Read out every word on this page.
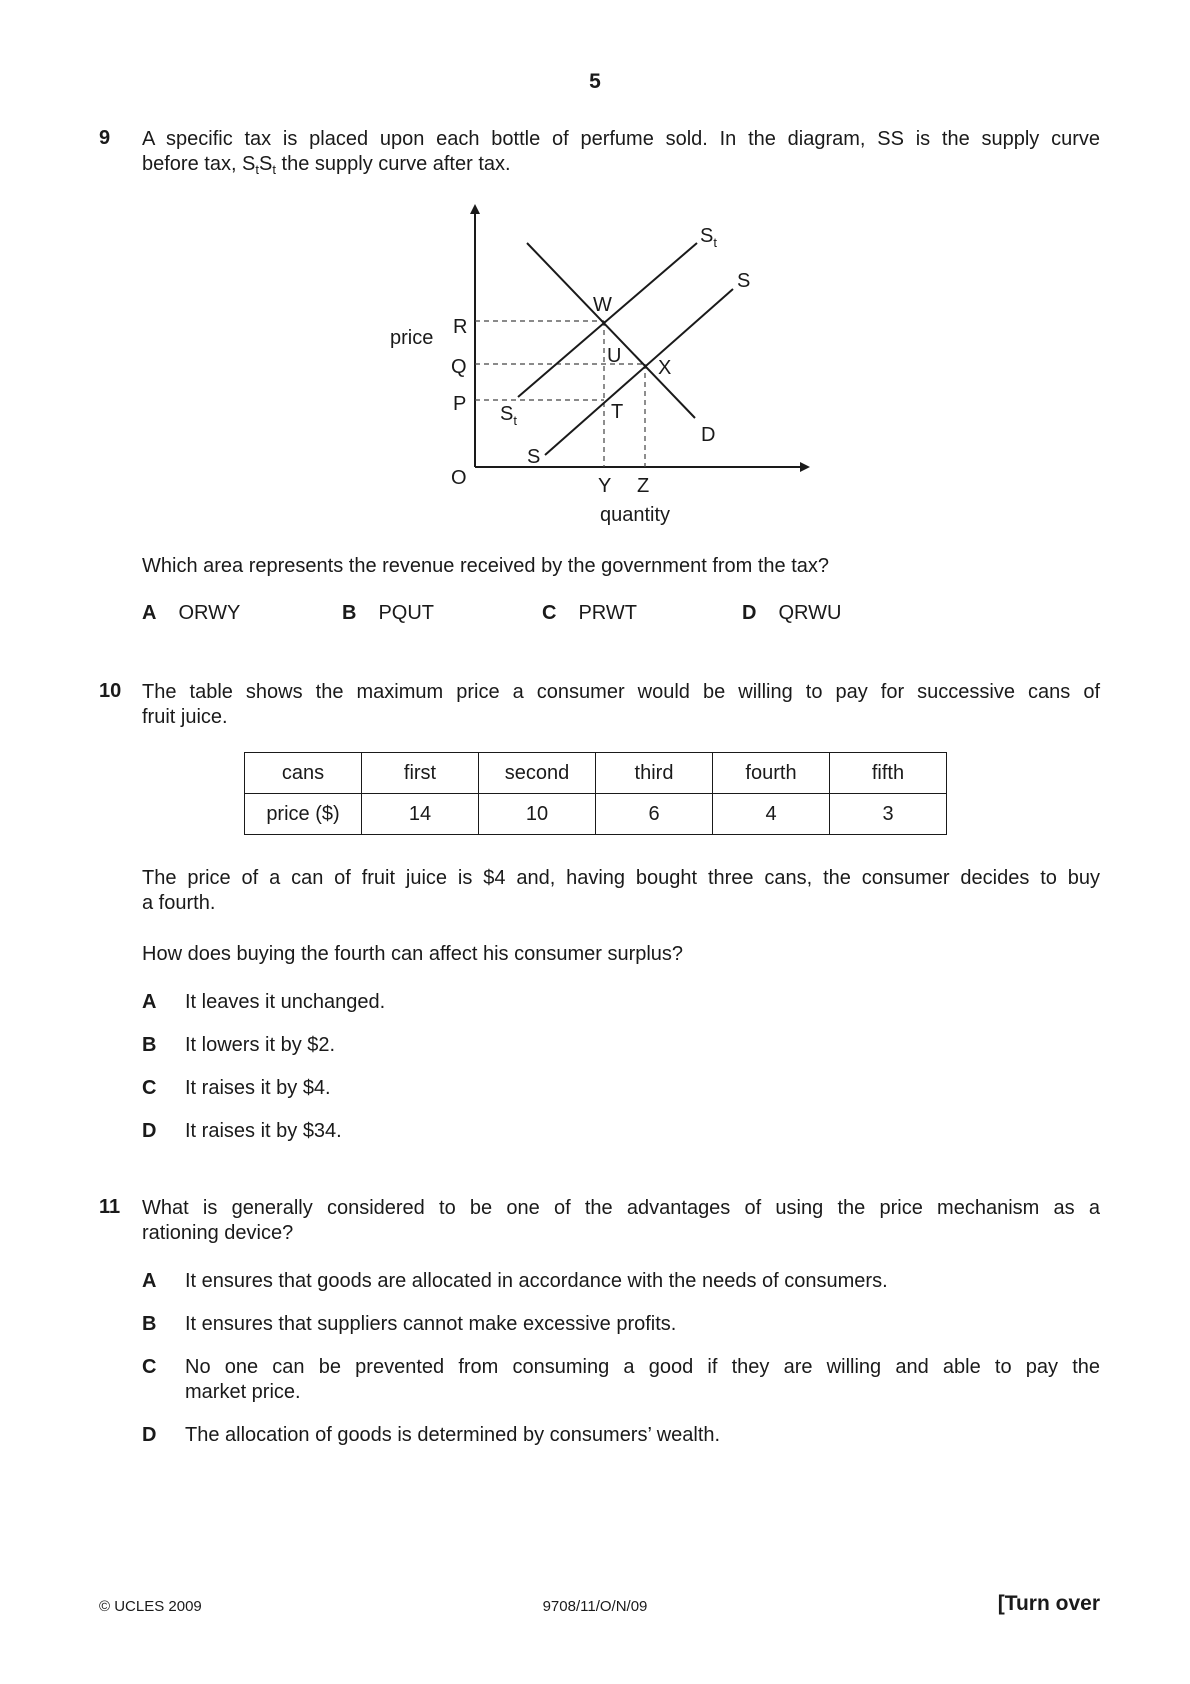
5
9 A specific tax is placed upon each bottle of perfume sold. In the diagram, SS is the supply curve
before tax, $S_tS_t$ the supply curve after tax.
price
quantity
O
R
Q
P
Y Z
W
U
X
T
$S_t$
$S_t$
S
S
D
Which area represents the revenue received by the government from the tax?
A ORWY	B PQUT	C PRWT	D QRWU
10 The table shows the maximum price a consumer would be willing to pay for successive cans of
fruit juice.
cans	first	second	third	fourth	fifth
price ($)	14	10	6	4	3
The price of a can of fruit juice is $4 and, having bought three cans, the consumer decides to buy
a fourth.
How does buying the fourth can affect his consumer surplus?
A It leaves it unchanged.
B It lowers it by $2.
C It raises it by $4.
D It raises it by $34.
11 What is generally considered to be one of the advantages of using the price mechanism as a
rationing device?
A It ensures that goods are allocated in accordance with the needs of consumers.
B It ensures that suppliers cannot make excessive profits.
C No one can be prevented from consuming a good if they are willing and able to pay the
market price.
D The allocation of goods is determined by consumers’ wealth.
© UCLES 2009	9708/11/O/N/09	[Turn over
